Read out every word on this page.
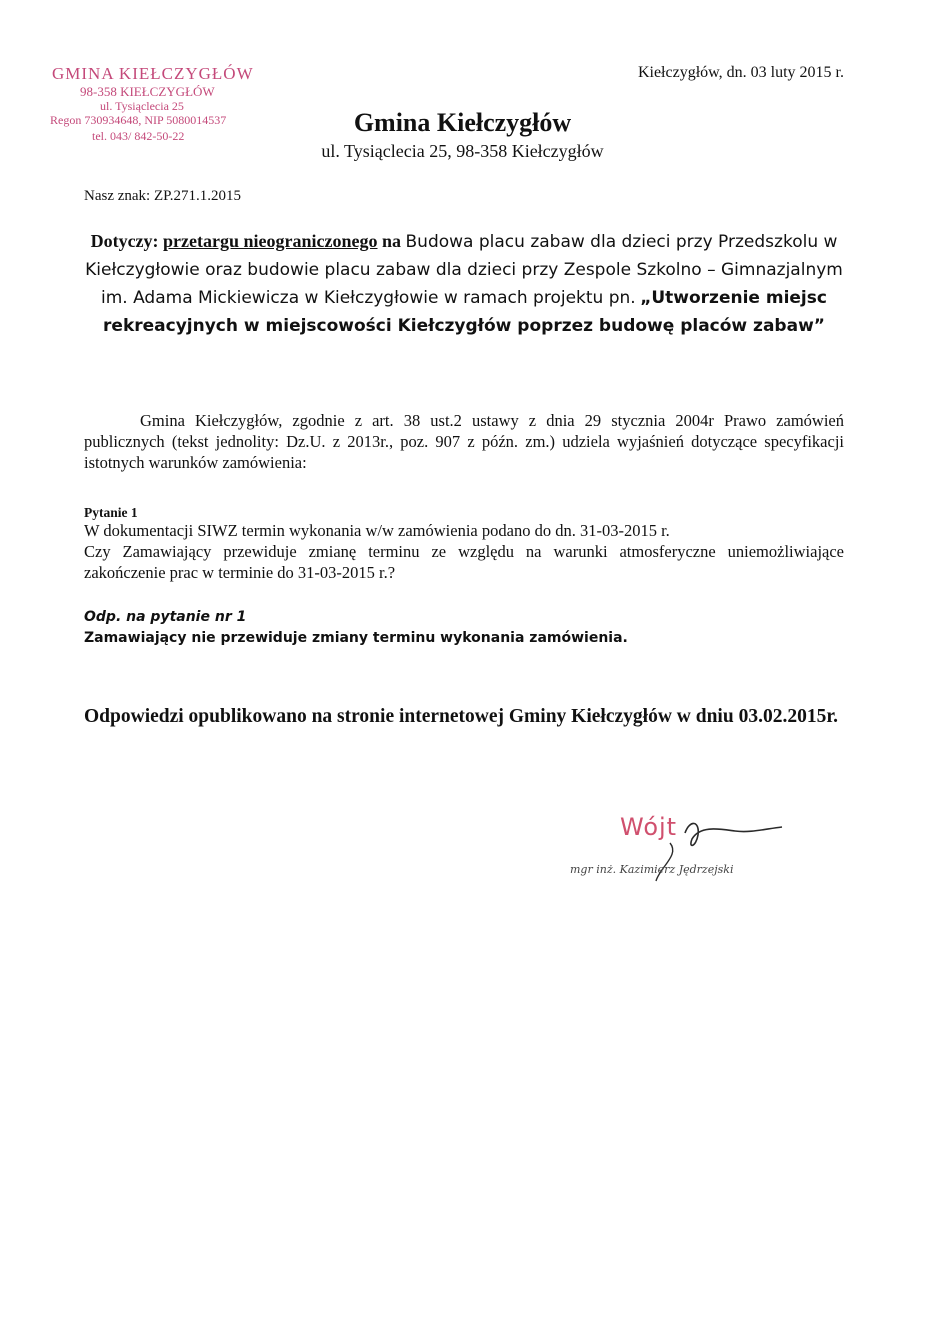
GMINA KIEŁCZYGŁÓW
98-358 KIEŁCZYGŁÓW
ul. Tysiąclecia 25
Regon 730934648, NIP 5080014537
tel. 043/ 842-50-22
Kiełczygłów, dn. 03 luty 2015 r.
Gmina Kiełczygłów
ul. Tysiąclecia 25, 98-358 Kiełczygłów
Nasz znak: ZP.271.1.2015
Dotyczy: przetargu nieograniczonego na Budowa placu zabaw dla dzieci przy Przedszkolu w Kiełczygłowie oraz budowie placu zabaw dla dzieci przy Zespole Szkolno – Gimnazjalnym im. Adama Mickiewicza w Kiełczygłowie w ramach projektu pn. „Utworzenie miejsc rekreacyjnych w miejscowości Kiełczygłów poprzez budowę placów zabaw”
Gmina Kiełczygłów, zgodnie z art. 38 ust.2 ustawy z dnia 29 stycznia 2004r Prawo zamówień publicznych (tekst jednolity: Dz.U. z 2013r., poz. 907 z późn. zm.) udziela wyjaśnień dotyczące specyfikacji istotnych warunków zamówienia:
Pytanie 1
W dokumentacji SIWZ termin wykonania w/w zamówienia podano do dn. 31-03-2015 r.
Czy Zamawiający przewiduje zmianę terminu ze względu na warunki atmosferyczne uniemożliwiające zakończenie prac w terminie do 31-03-2015 r.?
Odp. na pytanie nr 1
Zamawiający nie przewiduje zmiany terminu wykonania zamówienia.
Odpowiedzi opublikowano na stronie internetowej Gminy Kiełczygłów w dniu 03.02.2015r.
Wójt
mgr inż. Kazimierz Jędrzejski
